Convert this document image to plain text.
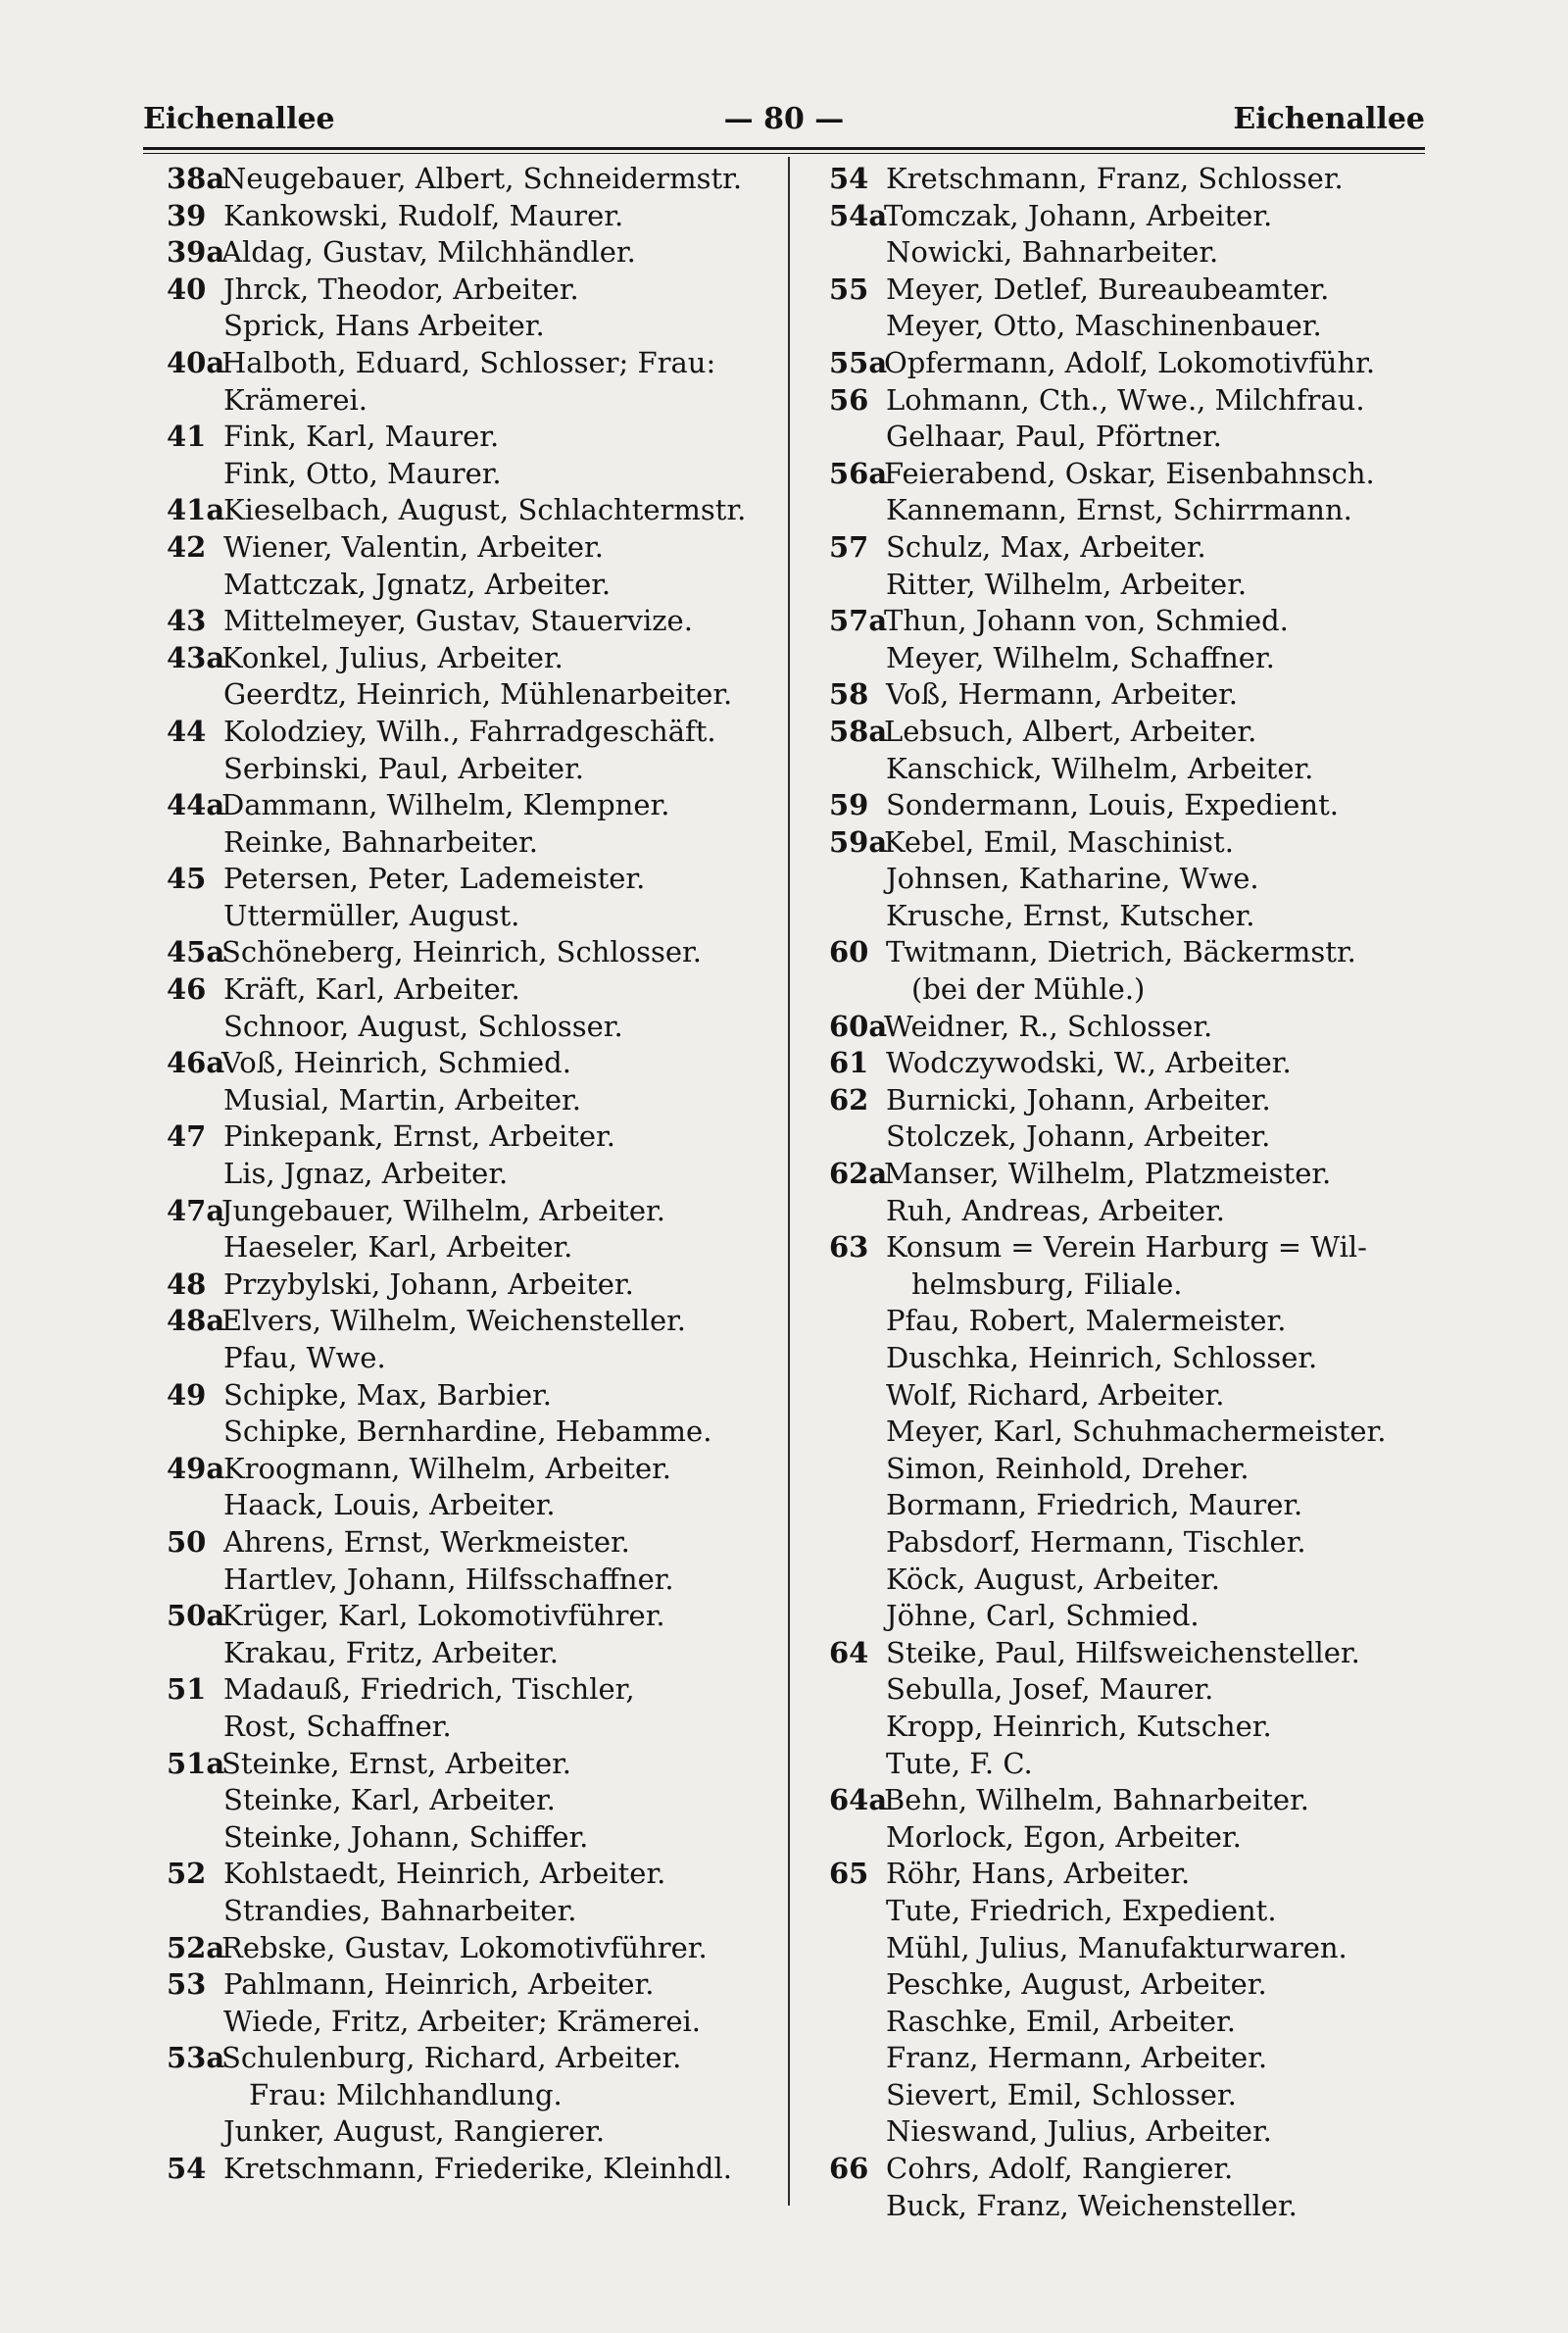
Eichenallee	— 80 —	Eichenallee
38a
Neugebauer, Albert, Schneidermstr.
39 Kankowski, Rudolf, Maurer.
39a
Aldag, Gustav, Milchhändler.
40 Jhrck, Theodor, Arbeiter.
Sprick, Hans Arbeiter.
40a
Halboth, Eduard, Schlosser; Frau:
Krämerei.
41 Fink, Karl, Maurer.
Fink, Otto, Maurer.
41a
Kieselbach, August, Schlachtermstr.
42 Wiener, Valentin, Arbeiter.
Mattczak, Jgnatz, Arbeiter.
43 Mittelmeyer, Gustav, Stauervize.
43a
Konkel, Julius, Arbeiter.
Geerdtz, Heinrich, Mühlenarbeiter.
44 Kolodziey, Wilh., Fahrradgeschäft.
Serbinski, Paul, Arbeiter.
44a
Dammann, Wilhelm, Klempner.
Reinke, Bahnarbeiter.
45 Petersen, Peter, Lademeister.
Uttermüller, August.
45a
Schöneberg, Heinrich, Schlosser.
46 Kräft, Karl, Arbeiter.
Schnoor, August, Schlosser.
46a
Voß, Heinrich, Schmied.
Musial, Martin, Arbeiter.
47 Pinkepank, Ernst, Arbeiter.
Lis, Jgnaz, Arbeiter.
47a
Jungebauer, Wilhelm, Arbeiter.
Haeseler, Karl, Arbeiter.
48 Przybylski, Johann, Arbeiter.
48a
Elvers, Wilhelm, Weichensteller.
Pfau, Wwe.
49 Schipke, Max, Barbier.
Schipke, Bernhardine, Hebamme.
49a
Kroogmann, Wilhelm, Arbeiter.
Haack, Louis, Arbeiter.
50 Ahrens, Ernst, Werkmeister.
Hartlev, Johann, Hilfsschaffner.
50a
Krüger, Karl, Lokomotivführer.
Krakau, Fritz, Arbeiter.
51 Madauß, Friedrich, Tischler,
Rost, Schaffner.
51a
Steinke, Ernst, Arbeiter.
Steinke, Karl, Arbeiter.
Steinke, Johann, Schiffer.
52 Kohlstaedt, Heinrich, Arbeiter.
Strandies, Bahnarbeiter.
52a
Rebske, Gustav, Lokomotivführer.
53 Pahlmann, Heinrich, Arbeiter.
Wiede, Fritz, Arbeiter; Krämerei.
53a
Schulenburg, Richard, Arbeiter.
Frau: Milchhandlung.
Junker, August, Rangierer.
54 Kretschmann, Friederike, Kleinhdl.
54 Kretschmann, Franz, Schlosser.
54a
Tomczak, Johann, Arbeiter.
Nowicki, Bahnarbeiter.
55 Meyer, Detlef, Bureaubeamter.
Meyer, Otto, Maschinenbauer.
55a
Opfermann, Adolf, Lokomotivführ.
56 Lohmann, Cth., Wwe., Milchfrau.
Gelhaar, Paul, Pförtner.
56a
Feierabend, Oskar, Eisenbahnsch.
Kannemann, Ernst, Schirrmann.
57 Schulz, Max, Arbeiter.
Ritter, Wilhelm, Arbeiter.
57a
Thun, Johann von, Schmied.
Meyer, Wilhelm, Schaffner.
58 Voß, Hermann, Arbeiter.
58a
Lebsuch, Albert, Arbeiter.
Kanschick, Wilhelm, Arbeiter.
59 Sondermann, Louis, Expedient.
59a
Kebel, Emil, Maschinist.
Johnsen, Katharine, Wwe.
Krusche, Ernst, Kutscher.
60 Twitmann, Dietrich, Bäckermstr.
(bei der Mühle.)
60a
Weidner, R., Schlosser.
61 Wodczywodski, W., Arbeiter.
62 Burnicki, Johann, Arbeiter.
Stolczek, Johann, Arbeiter.
62a
Manser, Wilhelm, Platzmeister.
Ruh, Andreas, Arbeiter.
63 Konsum = Verein Harburg = Wil-
helmsburg, Filiale.
Pfau, Robert, Malermeister.
Duschka, Heinrich, Schlosser.
Wolf, Richard, Arbeiter.
Meyer, Karl, Schuhmachermeister.
Simon, Reinhold, Dreher.
Bormann, Friedrich, Maurer.
Pabsdorf, Hermann, Tischler.
Köck, August, Arbeiter.
Jöhne, Carl, Schmied.
64 Steike, Paul, Hilfsweichensteller.
Sebulla, Josef, Maurer.
Kropp, Heinrich, Kutscher.
Tute, F. C.
64a
Behn, Wilhelm, Bahnarbeiter.
Morlock, Egon, Arbeiter.
65 Röhr, Hans, Arbeiter.
Tute, Friedrich, Expedient.
Mühl, Julius, Manufakturwaren.
Peschke, August, Arbeiter.
Raschke, Emil, Arbeiter.
Franz, Hermann, Arbeiter.
Sievert, Emil, Schlosser.
Nieswand, Julius, Arbeiter.
66 Cohrs, Adolf, Rangierer.
Buck, Franz, Weichensteller.
